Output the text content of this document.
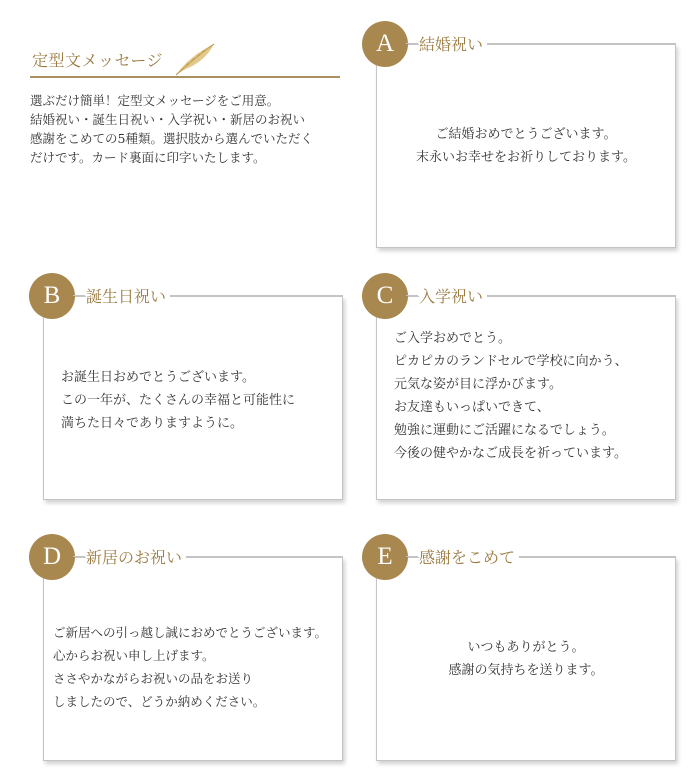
定型文メッセージ

選ぶだけ簡単！定型文メッセージをご用意。

結婚祝い・誕生日祝い・入学祝い・新居のお祝い

感謝をこめての5種類。選択肢から選んでいただく

だけです。カード裏面に印字いたします。

A	結婚祝い

ご結婚おめでとうございます。

末永いお幸せをお祈りしております。

B	誕生日祝い

お誕生日おめでとうございます。

この一年が、たくさんの幸福と可能性に

満ちた日々でありますように。

C	入学祝い

ご入学おめでとう。

ピカピカのランドセルで学校に向かう、

元気な姿が目に浮かびます。

お友達もいっぱいできて、

勉強に運動にご活躍になるでしょう。

今後の健やかなご成長を祈っています。

D	新居のお祝い

ご新居への引っ越し誠におめでとうございます。

心からお祝い申し上げます。

ささやかながらお祝いの品をお送り

しましたので、どうか納めください。

E	感謝をこめて

いつもありがとう。

感謝の気持ちを送ります。
